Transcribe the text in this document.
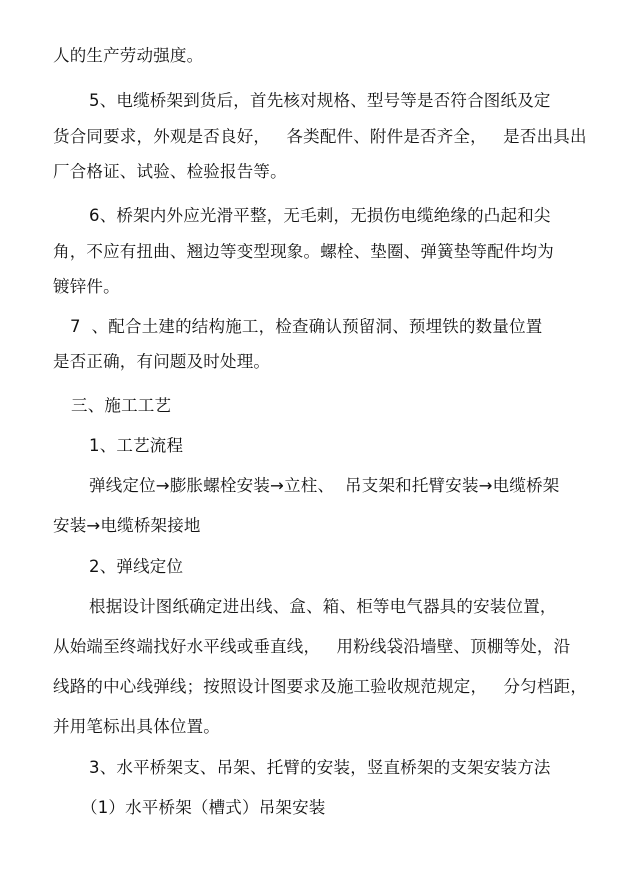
人的生产劳动强度。
5、电缆桥架到货后，首先核对规格、型号等是否符合图纸及定
货合同要求，外观是否良好，   各类配件、附件是否齐全，   是否出具出
厂合格证、试验、检验报告等。
6、桥架内外应光滑平整，无毛刺，无损伤电缆绝缘的凸起和尖
角，不应有扭曲、翘边等变型现象。螺栓、垫圈、弹簧垫等配件均为
镀锌件。
7  、配合土建的结构施工，检查确认预留洞、预埋铁的数量位置
是否正确，有问题及时处理。
三、施工工艺
1、工艺流程
弹线定位→膨胀螺栓安装→立柱、  吊支架和托臂安装→电缆桥架
安装→电缆桥架接地
2、弹线定位
根据设计图纸确定进出线、盒、箱、柜等电气器具的安装位置，
从始端至终端找好水平线或垂直线，   用粉线袋沿墙壁、顶棚等处，沿
线路的中心线弹线；按照设计图要求及施工验收规范规定，   分匀档距，
并用笔标出具体位置。
3、水平桥架支、吊架、托臂的安装，竖直桥架的支架安装方法
（1）水平桥架（槽式）吊架安装
